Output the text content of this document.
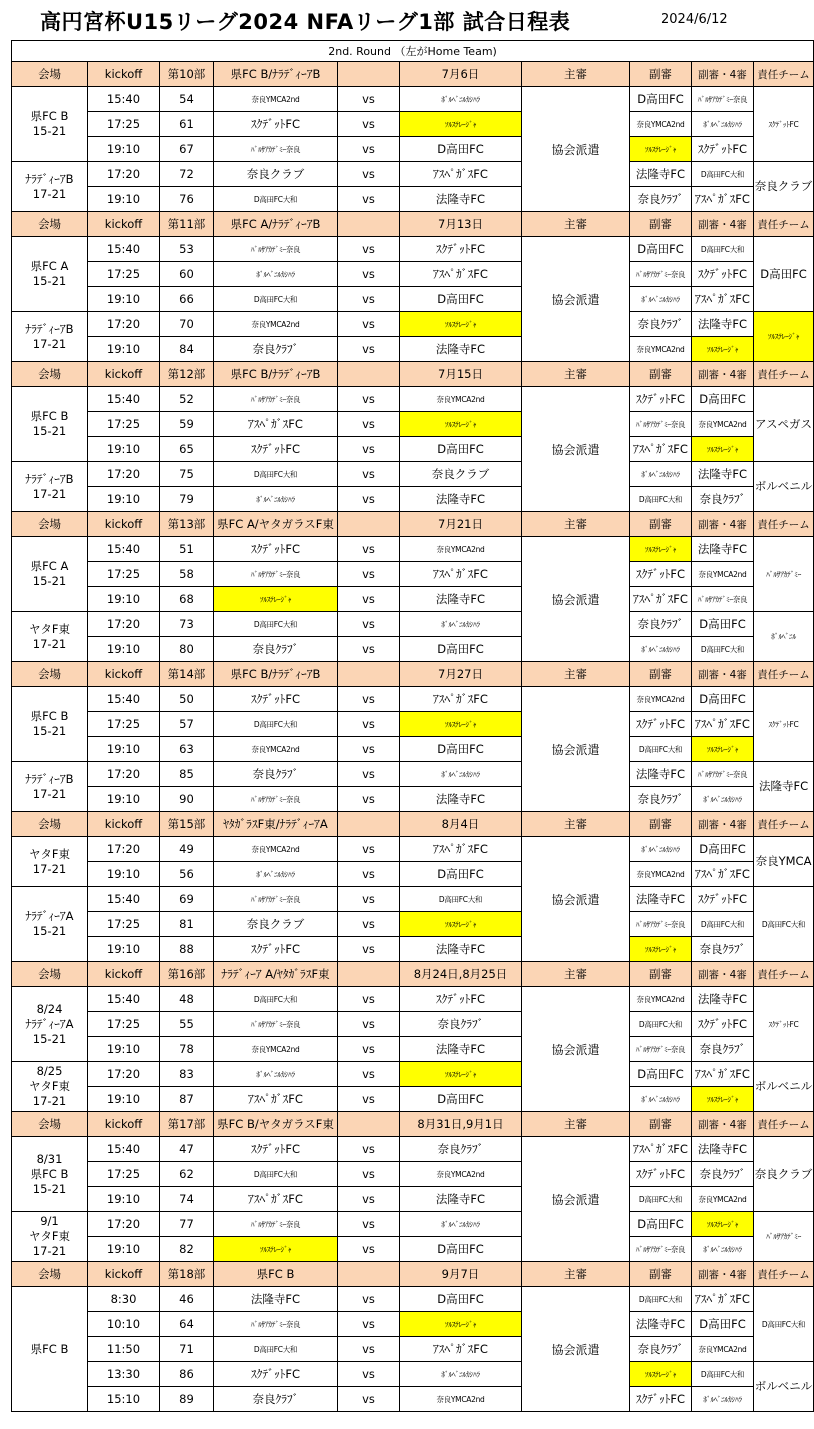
高円宮杯U15リーグ2024 NFAリーグ1部 試合日程表	2024/6/12
2nd. Round （左がHome Team)									
会場	kickoff	第10部	県FC B/ﾅﾗﾃﾞｨｰｱB		7月6日	主審	副審	副審・4審	責任チーム
県FC B
15-21	15:40	54	奈良YMCA2nd	vs	ﾎﾞﾙﾍﾞﾆﾙｶｼﾊﾗ	協会派遣	D高田FC	ﾊﾞﾙｻｱｶﾃﾞﾐｰ奈良	ｽｸﾃﾞｯﾄFC
	17:25	61	ｽｸﾃﾞｯﾄFC	vs	ｿﾙｽﾃﾚｰｼﾞｬ		奈良YMCA2nd	ﾎﾞﾙﾍﾞﾆﾙｶｼﾊﾗ	
	19:10	67	ﾊﾞﾙｻｱｶﾃﾞﾐｰ奈良	vs	D高田FC		ｿﾙｽﾃﾚｰｼﾞｬ	ｽｸﾃﾞｯﾄFC	
ﾅﾗﾃﾞｨｰｱB
17-21	17:20	72	奈良クラブ	vs	ｱｽﾍﾟｶﾞｽFC		法隆寺FC	D高田FC大和	奈良クラブ
	19:10	76	D高田FC大和	vs	法隆寺FC		奈良ｸﾗﾌﾞ	ｱｽﾍﾟｶﾞｽFC	
会場	kickoff	第11部	県FC A/ﾅﾗﾃﾞｨｰｱB		7月13日	主審	副審	副審・4審	責任チーム
県FC A
15-21	15:40	53	ﾊﾞﾙｻｱｶﾃﾞﾐｰ奈良	vs	ｽｸﾃﾞｯﾄFC	協会派遣	D高田FC	D高田FC大和	D高田FC
	17:25	60	ﾎﾞﾙﾍﾞﾆﾙｶｼﾊﾗ	vs	ｱｽﾍﾟｶﾞｽFC		ﾊﾞﾙｻｱｶﾃﾞﾐｰ奈良	ｽｸﾃﾞｯﾄFC	
	19:10	66	D高田FC大和	vs	D高田FC		ﾎﾞﾙﾍﾞﾆﾙｶｼﾊﾗ	ｱｽﾍﾟｶﾞｽFC	
ﾅﾗﾃﾞｨｰｱB
17-21	17:20	70	奈良YMCA2nd	vs	ｿﾙｽﾃﾚｰｼﾞｬ		奈良ｸﾗﾌﾞ	法隆寺FC	ｿﾙｽﾃﾚｰｼﾞｬ
	19:10	84	奈良ｸﾗﾌﾞ	vs	法隆寺FC		奈良YMCA2nd	ｿﾙｽﾃﾚｰｼﾞｬ	
会場	kickoff	第12部	県FC B/ﾅﾗﾃﾞｨｰｱB		7月15日	主審	副審	副審・4審	責任チーム
県FC B
15-21	15:40	52	ﾊﾞﾙｻｱｶﾃﾞﾐｰ奈良	vs	奈良YMCA2nd	協会派遣	ｽｸﾃﾞｯﾄFC	D高田FC	アスペガス
	17:25	59	ｱｽﾍﾟｶﾞｽFC	vs	ｿﾙｽﾃﾚｰｼﾞｬ		ﾊﾞﾙｻｱｶﾃﾞﾐｰ奈良	奈良YMCA2nd	
	19:10	65	ｽｸﾃﾞｯﾄFC	vs	D高田FC		ｱｽﾍﾟｶﾞｽFC	ｿﾙｽﾃﾚｰｼﾞｬ	
ﾅﾗﾃﾞｨｰｱB
17-21	17:20	75	D高田FC大和	vs	奈良クラブ		ﾎﾞﾙﾍﾞﾆﾙｶｼﾊﾗ	法隆寺FC	ボルベニル
	19:10	79	ﾎﾞﾙﾍﾞﾆﾙｶｼﾊﾗ	vs	法隆寺FC		D高田FC大和	奈良ｸﾗﾌﾞ	
会場	kickoff	第13部	県FC A/ヤタガラスF東		7月21日	主審	副審	副審・4審	責任チーム
県FC A
15-21	15:40	51	ｽｸﾃﾞｯﾄFC	vs	奈良YMCA2nd	協会派遣	ｿﾙｽﾃﾚｰｼﾞｬ	法隆寺FC	ﾊﾞﾙｻｱｶﾃﾞﾐｰ
	17:25	58	ﾊﾞﾙｻｱｶﾃﾞﾐｰ奈良	vs	ｱｽﾍﾟｶﾞｽFC		ｽｸﾃﾞｯﾄFC	奈良YMCA2nd	
	19:10	68	ｿﾙｽﾃﾚｰｼﾞｬ	vs	法隆寺FC		ｱｽﾍﾟｶﾞｽFC	ﾊﾞﾙｻｱｶﾃﾞﾐｰ奈良	
ヤタF東
17-21	17:20	73	D高田FC大和	vs	ﾎﾞﾙﾍﾞﾆﾙｶｼﾊﾗ		奈良ｸﾗﾌﾞ	D高田FC	ﾎﾞﾙﾍﾞﾆﾙ
	19:10	80	奈良ｸﾗﾌﾞ	vs	D高田FC		ﾎﾞﾙﾍﾞﾆﾙｶｼﾊﾗ	D高田FC大和	
会場	kickoff	第14部	県FC B/ﾅﾗﾃﾞｨｰｱB		7月27日	主審	副審	副審・4審	責任チーム
県FC B
15-21	15:40	50	ｽｸﾃﾞｯﾄFC	vs	ｱｽﾍﾟｶﾞｽFC	協会派遣	奈良YMCA2nd	D高田FC	ｽｸﾃﾞｯﾄFC
	17:25	57	D高田FC大和	vs	ｿﾙｽﾃﾚｰｼﾞｬ		ｽｸﾃﾞｯﾄFC	ｱｽﾍﾟｶﾞｽFC	
	19:10	63	奈良YMCA2nd	vs	D高田FC		D高田FC大和	ｿﾙｽﾃﾚｰｼﾞｬ	
ﾅﾗﾃﾞｨｰｱB
17-21	17:20	85	奈良ｸﾗﾌﾞ	vs	ﾎﾞﾙﾍﾞﾆﾙｶｼﾊﾗ		法隆寺FC	ﾊﾞﾙｻｱｶﾃﾞﾐｰ奈良	法隆寺FC
	19:10	90	ﾊﾞﾙｻｱｶﾃﾞﾐｰ奈良	vs	法隆寺FC		奈良ｸﾗﾌﾞ	ﾎﾞﾙﾍﾞﾆﾙｶｼﾊﾗ	
会場	kickoff	第15部	ﾔﾀｶﾞﾗｽF東/ﾅﾗﾃﾞｨｰｱA		8月4日	主審	副審	副審・4審	責任チーム
ヤタF東
17-21	17:20	49	奈良YMCA2nd	vs	ｱｽﾍﾟｶﾞｽFC	協会派遣	ﾎﾞﾙﾍﾞﾆﾙｶｼﾊﾗ	D高田FC	奈良YMCA
	19:10	56	ﾎﾞﾙﾍﾞﾆﾙｶｼﾊﾗ	vs	D高田FC		奈良YMCA2nd	ｱｽﾍﾟｶﾞｽFC	
ﾅﾗﾃﾞｨｰｱA
15-21	15:40	69	ﾊﾞﾙｻｱｶﾃﾞﾐｰ奈良	vs	D高田FC大和		法隆寺FC	ｽｸﾃﾞｯﾄFC	D高田FC大和
	17:25	81	奈良クラブ	vs	ｿﾙｽﾃﾚｰｼﾞｬ		ﾊﾞﾙｻｱｶﾃﾞﾐｰ奈良	D高田FC大和	
	19:10	88	ｽｸﾃﾞｯﾄFC	vs	法隆寺FC		ｿﾙｽﾃﾚｰｼﾞｬ	奈良ｸﾗﾌﾞ	
会場	kickoff	第16部	ﾅﾗﾃﾞｨｰｱ A/ﾔﾀｶﾞﾗｽF東		8月24日,8月25日	主審	副審	副審・4審	責任チーム
8/24
ﾅﾗﾃﾞｨｰｱA
15-21	15:40	48	D高田FC大和	vs	ｽｸﾃﾞｯﾄFC	協会派遣	奈良YMCA2nd	法隆寺FC	ｽｸﾃﾞｯﾄFC
	17:25	55	ﾊﾞﾙｻｱｶﾃﾞﾐｰ奈良	vs	奈良ｸﾗﾌﾞ		D高田FC大和	ｽｸﾃﾞｯﾄFC	
	19:10	78	奈良YMCA2nd	vs	法隆寺FC		ﾊﾞﾙｻｱｶﾃﾞﾐｰ奈良	奈良ｸﾗﾌﾞ	
8/25
ヤタF東
17-21	17:20	83	ﾎﾞﾙﾍﾞﾆﾙｶｼﾊﾗ	vs	ｿﾙｽﾃﾚｰｼﾞｬ		D高田FC	ｱｽﾍﾟｶﾞｽFC	ボルベニル
	19:10	87	ｱｽﾍﾟｶﾞｽFC	vs	D高田FC		ﾎﾞﾙﾍﾞﾆﾙｶｼﾊﾗ	ｿﾙｽﾃﾚｰｼﾞｬ	
会場	kickoff	第17部	県FC B/ヤタガラスF東		8月31日,9月1日	主審	副審	副審・4審	責任チーム
8/31
県FC B
15-21	15:40	47	ｽｸﾃﾞｯﾄFC	vs	奈良ｸﾗﾌﾞ	協会派遣	ｱｽﾍﾟｶﾞｽFC	法隆寺FC	奈良クラブ
	17:25	62	D高田FC大和	vs	奈良YMCA2nd		ｽｸﾃﾞｯﾄFC	奈良ｸﾗﾌﾞ	
	19:10	74	ｱｽﾍﾟｶﾞｽFC	vs	法隆寺FC		D高田FC大和	奈良YMCA2nd	
9/1
ヤタF東
17-21	17:20	77	ﾊﾞﾙｻｱｶﾃﾞﾐｰ奈良	vs	ﾎﾞﾙﾍﾞﾆﾙｶｼﾊﾗ		D高田FC	ｿﾙｽﾃﾚｰｼﾞｬ	ﾊﾞﾙｻｱｶﾃﾞﾐｰ
	19:10	82	ｿﾙｽﾃﾚｰｼﾞｬ	vs	D高田FC		ﾊﾞﾙｻｱｶﾃﾞﾐｰ奈良	ﾎﾞﾙﾍﾞﾆﾙｶｼﾊﾗ	
会場	kickoff	第18部	県FC B		9月7日	主審	副審	副審・4審	責任チーム
県FC B	8:30	46	法隆寺FC	vs	D高田FC	協会派遣	D高田FC大和	ｱｽﾍﾟｶﾞｽFC	D高田FC大和
	10:10	64	ﾊﾞﾙｻｱｶﾃﾞﾐｰ奈良	vs	ｿﾙｽﾃﾚｰｼﾞｬ		法隆寺FC	D高田FC	
	11:50	71	D高田FC大和	vs	ｱｽﾍﾟｶﾞｽFC		奈良ｸﾗﾌﾞ	奈良YMCA2nd	
	13:30	86	ｽｸﾃﾞｯﾄFC	vs	ﾎﾞﾙﾍﾞﾆﾙｶｼﾊﾗ		ｿﾙｽﾃﾚｰｼﾞｬ	D高田FC大和	ボルベニル
	15:10	89	奈良ｸﾗﾌﾞ	vs	奈良YMCA2nd		ｽｸﾃﾞｯﾄFC	ﾎﾞﾙﾍﾞﾆﾙｶｼﾊﾗ	
